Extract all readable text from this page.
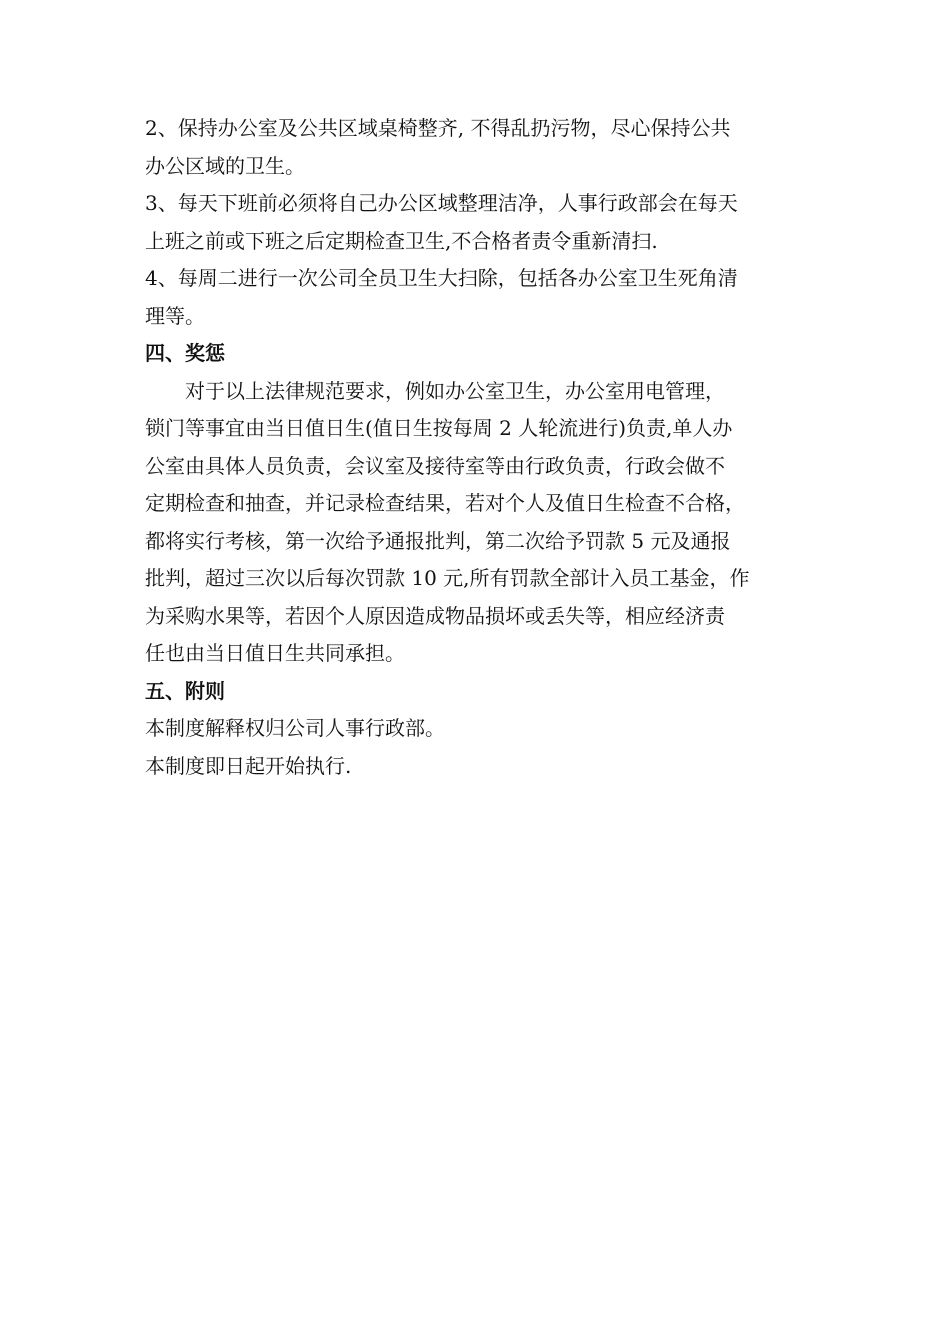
2、保持办公室及公共区域桌椅整齐, 不得乱扔污物，尽心保持公共
办公区域的卫生。

3、每天下班前必须将自己办公区域整理洁净，人事行政部会在每天
上班之前或下班之后定期检查卫生,不合格者责令重新清扫.

4、每周二进行一次公司全员卫生大扫除，包括各办公室卫生死角清
理等。

四、奖惩

对于以上法律规范要求，例如办公室卫生，办公室用电管理，
锁门等事宜由当日值日生(值日生按每周 2 人轮流进行)负责,单人办
公室由具体人员负责，会议室及接待室等由行政负责，行政会做不
定期检查和抽查，并记录检查结果，若对个人及值日生检查不合格，
都将实行考核，第一次给予通报批判，第二次给予罚款 5 元及通报
批判，超过三次以后每次罚款 10 元,所有罚款全部计入员工基金，作
为采购水果等，若因个人原因造成物品损坏或丢失等，相应经济责
任也由当日值日生共同承担。

五、附则

本制度解释权归公司人事行政部。
本制度即日起开始执行.
